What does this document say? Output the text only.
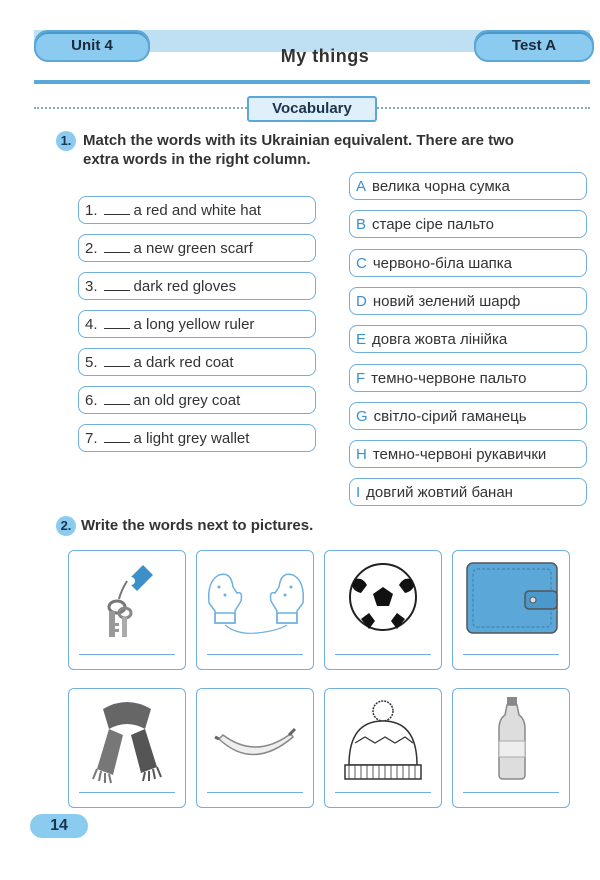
Unit 4
My things
Test A
Vocabulary
1. Match the words with its Ukrainian equivalent. There are two
extra words in the right column.
1. a red and white hat
2. a new green scarf
3. dark red gloves
4. a long yellow ruler
5. a dark red coat
6. an old grey coat
7. a light grey wallet
A велика чорна сумка
B старе сіре пальто
C червоно-біла шапка
D новий зелений шарф
E довга жовта лінійка
F темно-червоне пальто
G світло-сірий гаманець
H темно-червоні рукавички
I довгий жовтий банан
2. Write the words next to pictures.
14
